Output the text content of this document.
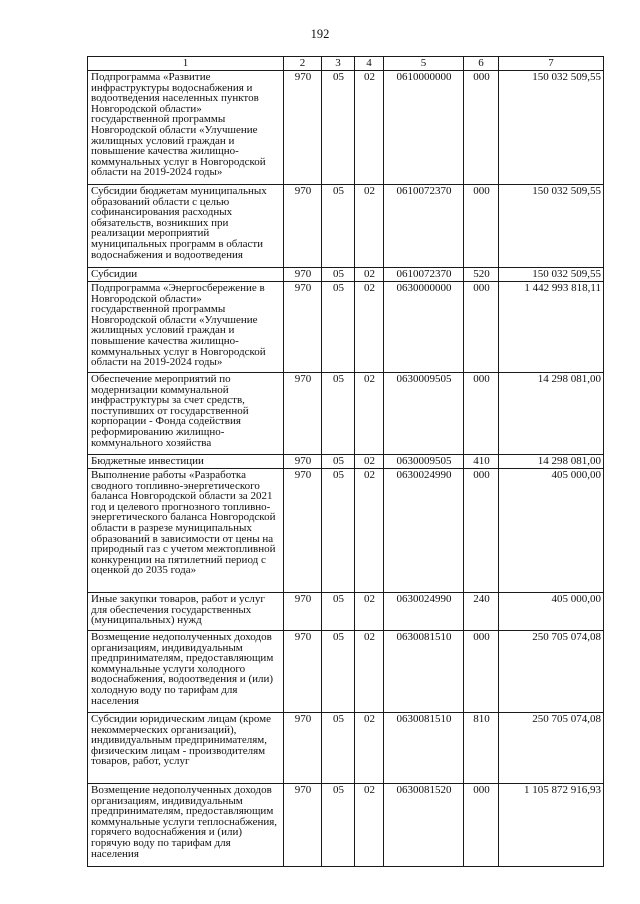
192
1	2	3	4	5	6	7
Подпрограмма «Развитие инфраструктуры водоснабжения и водоотведения населенных пунктов Новгородской области» государственной программы Новгородской области «Улучшение жилищных условий граждан и повышение качества жилищно-коммунальных услуг в Новгородской области на 2019-2024 годы»	970	05	02	0610000000	000	150 032 509,55
Субсидии бюджетам муниципальных образований области с целью софинансирования расходных обязательств, возникших при реализации мероприятий муниципальных программ в области водоснабжения и водоотведения	970	05	02	0610072370	000	150 032 509,55
Субсидии	970	05	02	0610072370	520	150 032 509,55
Подпрограмма «Энергосбережение в Новгородской области» государственной программы Новгородской области «Улучшение жилищных условий граждан и повышение качества жилищно-коммунальных услуг в Новгородской области на 2019-2024 годы»	970	05	02	0630000000	000	1 442 993 818,11
Обеспечение мероприятий по модернизации коммунальной инфраструктуры за счет средств, поступивших от государственной корпорации - Фонда содействия реформированию жилищно-коммунального хозяйства	970	05	02	0630009505	000	14 298 081,00
Бюджетные инвестиции	970	05	02	0630009505	410	14 298 081,00
Выполнение работы «Разработка сводного топливно-энергетического баланса Новгородской области за 2021 год и целевого прогнозного топливно-энергетического баланса Новгородской области в разрезе муниципальных образований в зависимости от цены на природный газ с учетом межтопливной конкуренции на пятилетний период с оценкой до 2035 года»	970	05	02	0630024990	000	405 000,00
Иные закупки товаров, работ и услуг для обеспечения государственных (муниципальных) нужд	970	05	02	0630024990	240	405 000,00
Возмещение недополученных доходов организациям, индивидуальным предпринимателям, предоставляющим коммунальные услуги холодного водоснабжения, водоотведения и (или) холодную воду по тарифам для населения	970	05	02	0630081510	000	250 705 074,08
Субсидии юридическим лицам (кроме некоммерческих организаций), индивидуальным предпринимателям, физическим лицам - производителям товаров, работ, услуг	970	05	02	0630081510	810	250 705 074,08
Возмещение недополученных доходов организациям, индивидуальным предпринимателям, предоставляющим коммунальные услуги теплоснабжения, горячего водоснабжения и (или) горячую воду по тарифам для населения	970	05	02	0630081520	000	1 105 872 916,93
